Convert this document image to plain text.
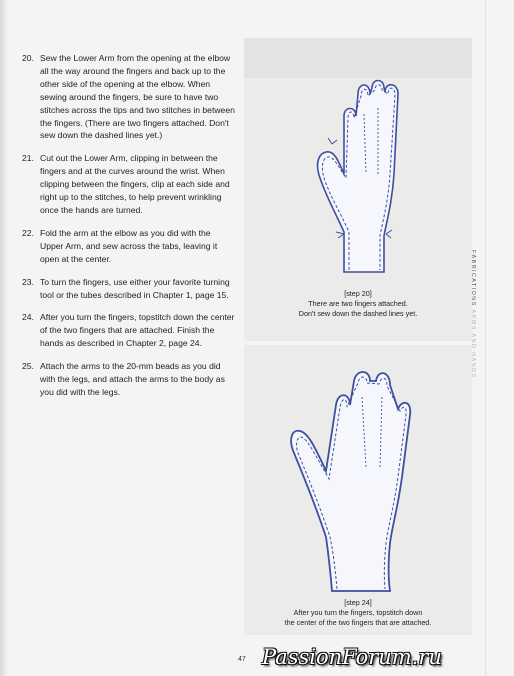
20. Sew the Lower Arm from the opening at the elbow all the way around the fingers and back up to the other side of the opening at the elbow. When sewing around the fingers, be sure to have two stitches across the tips and two stitches in between the fingers. (There are two fingers attached. Don't sew down the dashed lines yet.)
21. Cut out the Lower Arm, clipping in between the fingers and at the curves around the wrist. When clipping between the fingers, clip at each side and right up to the stitches, to help prevent wrinkling once the hands are turned.
22. Fold the arm at the elbow as you did with the Upper Arm, and sew across the tabs, leaving it open at the center.
23. To turn the fingers, use either your favorite turning tool or the tubes described in Chapter 1, page 15.
24. After you turn the fingers, topstitch down the center of the two fingers that are attached. Finish the hands as described in Chapter 2, page 24.
25. Attach the arms to the 20-mm beads as you did with the legs, and attach the arms to the body as you did with the legs.
[step 20]
There are two fingers attached.
Don't sew down the dashed lines yet.
[step 24]
After you turn the fingers, topstitch down
the center of the two fingers that are attached.
FABRICATIONS ARMS AND HANDS
47 PassionForum.ru
